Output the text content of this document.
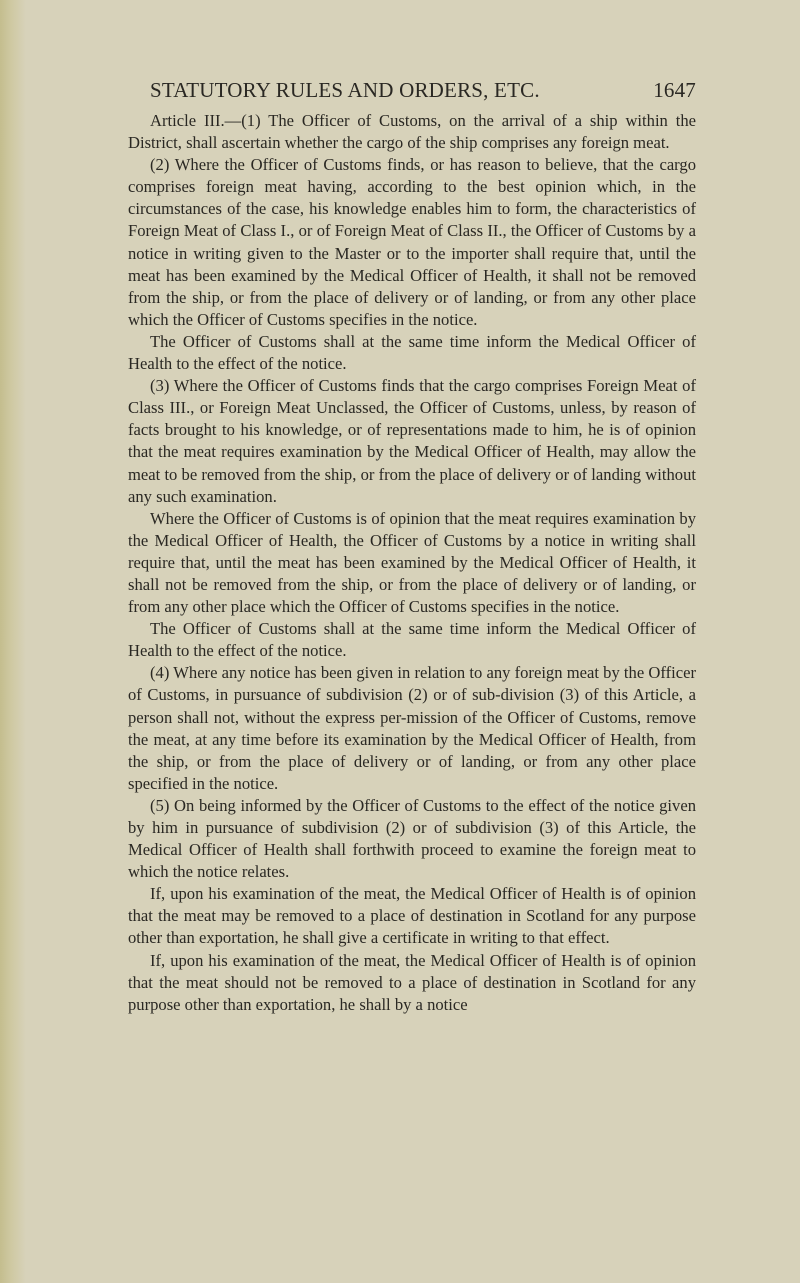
STATUTORY RULES AND ORDERS, ETC.	1647

Article III.—(1) The Officer of Customs, on the arrival of a ship within the District, shall ascertain whether the cargo of the ship comprises any foreign meat.

(2) Where the Officer of Customs finds, or has reason to believe, that the cargo comprises foreign meat having, according to the best opinion which, in the circumstances of the case, his knowledge enables him to form, the characteristics of Foreign Meat of Class I., or of Foreign Meat of Class II., the Officer of Customs by a notice in writing given to the Master or to the importer shall require that, until the meat has been examined by the Medical Officer of Health, it shall not be removed from the ship, or from the place of delivery or of landing, or from any other place which the Officer of Customs specifies in the notice.

The Officer of Customs shall at the same time inform the Medical Officer of Health to the effect of the notice.

(3) Where the Officer of Customs finds that the cargo comprises Foreign Meat of Class III., or Foreign Meat Unclassed, the Officer of Customs, unless, by reason of facts brought to his knowledge, or of representations made to him, he is of opinion that the meat requires examination by the Medical Officer of Health, may allow the meat to be removed from the ship, or from the place of delivery or of landing without any such examination.

Where the Officer of Customs is of opinion that the meat requires examination by the Medical Officer of Health, the Officer of Customs by a notice in writing shall require that, until the meat has been examined by the Medical Officer of Health, it shall not be removed from the ship, or from the place of delivery or of landing, or from any other place which the Officer of Customs specifies in the notice.

The Officer of Customs shall at the same time inform the Medical Officer of Health to the effect of the notice.

(4) Where any notice has been given in relation to any foreign meat by the Officer of Customs, in pursuance of subdivision (2) or of sub-division (3) of this Article, a person shall not, without the express per-mission of the Officer of Customs, remove the meat, at any time before its examination by the Medical Officer of Health, from the ship, or from the place of delivery or of landing, or from any other place specified in the notice.

(5) On being informed by the Officer of Customs to the effect of the notice given by him in pursuance of subdivision (2) or of subdivision (3) of this Article, the Medical Officer of Health shall forthwith proceed to examine the foreign meat to which the notice relates.

If, upon his examination of the meat, the Medical Officer of Health is of opinion that the meat may be removed to a place of destination in Scotland for any purpose other than exportation, he shall give a certificate in writing to that effect.

If, upon his examination of the meat, the Medical Officer of Health is of opinion that the meat should not be removed to a place of destination in Scotland for any purpose other than exportation, he shall by a notice
